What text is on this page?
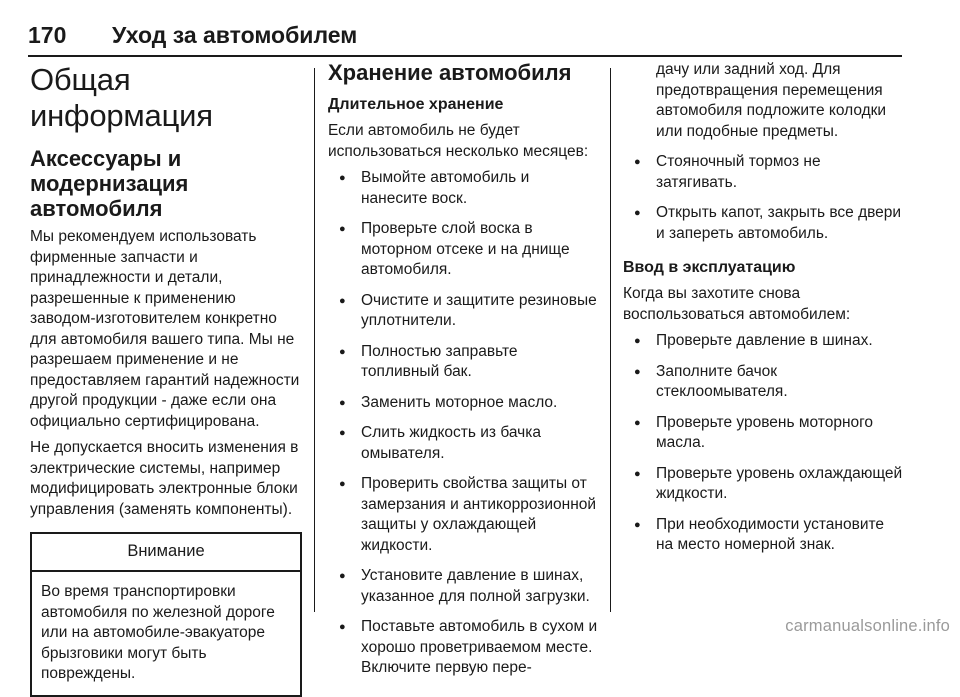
170 Уход за автомобилем
Общая информация
Аксессуары и модернизация автомобиля

Мы рекомендуем использовать фирменные запчасти и принадлежности и детали, разрешенные к применению заводом-изготовителем конкретно для автомобиля вашего типа. Мы не разрешаем применение и не предоставляем гарантий надежности другой продукции - даже если она официально сертифицирована.

Не допускается вносить изменения в электрические системы, например модифицировать электронные блоки управления (заменять компоненты).

Внимание
Во время транспортировки автомобиля по железной дороге или на автомобиле-эвакуаторе брызговики могут быть повреждены.
Хранение автомобиля
Длительное хранение

Если автомобиль не будет использоваться несколько месяцев:

● Вымойте автомобиль и нанесите воск.
● Проверьте слой воска в моторном отсеке и на днище автомобиля.
● Очистите и защитите резиновые уплотнители.
● Полностью заправьте топливный бак.
● Заменить моторное масло.
● Слить жидкость из бачка омывателя.
● Проверить свойства защиты от замерзания и антикоррозионной защиты у охлаждающей жидкости.
● Установите давление в шинах, указанное для полной загрузки.
● Поставьте автомобиль в сухом и хорошо проветриваемом месте. Включите первую пере-
дачу или задний ход. Для предотвращения перемещения автомобиля подложите колодки или подобные предметы.
● Стояночный тормоз не затягивать.
● Открыть капот, закрыть все двери и запереть автомобиль.
Ввод в эксплуатацию

Когда вы захотите снова воспользоваться автомобилем:

● Проверьте давление в шинах.
● Заполните бачок стеклоомывателя.
● Проверьте уровень моторного масла.
● Проверьте уровень охлаждающей жидкости.
● При необходимости установите на место номерной знак.
carmanualsonline.info
